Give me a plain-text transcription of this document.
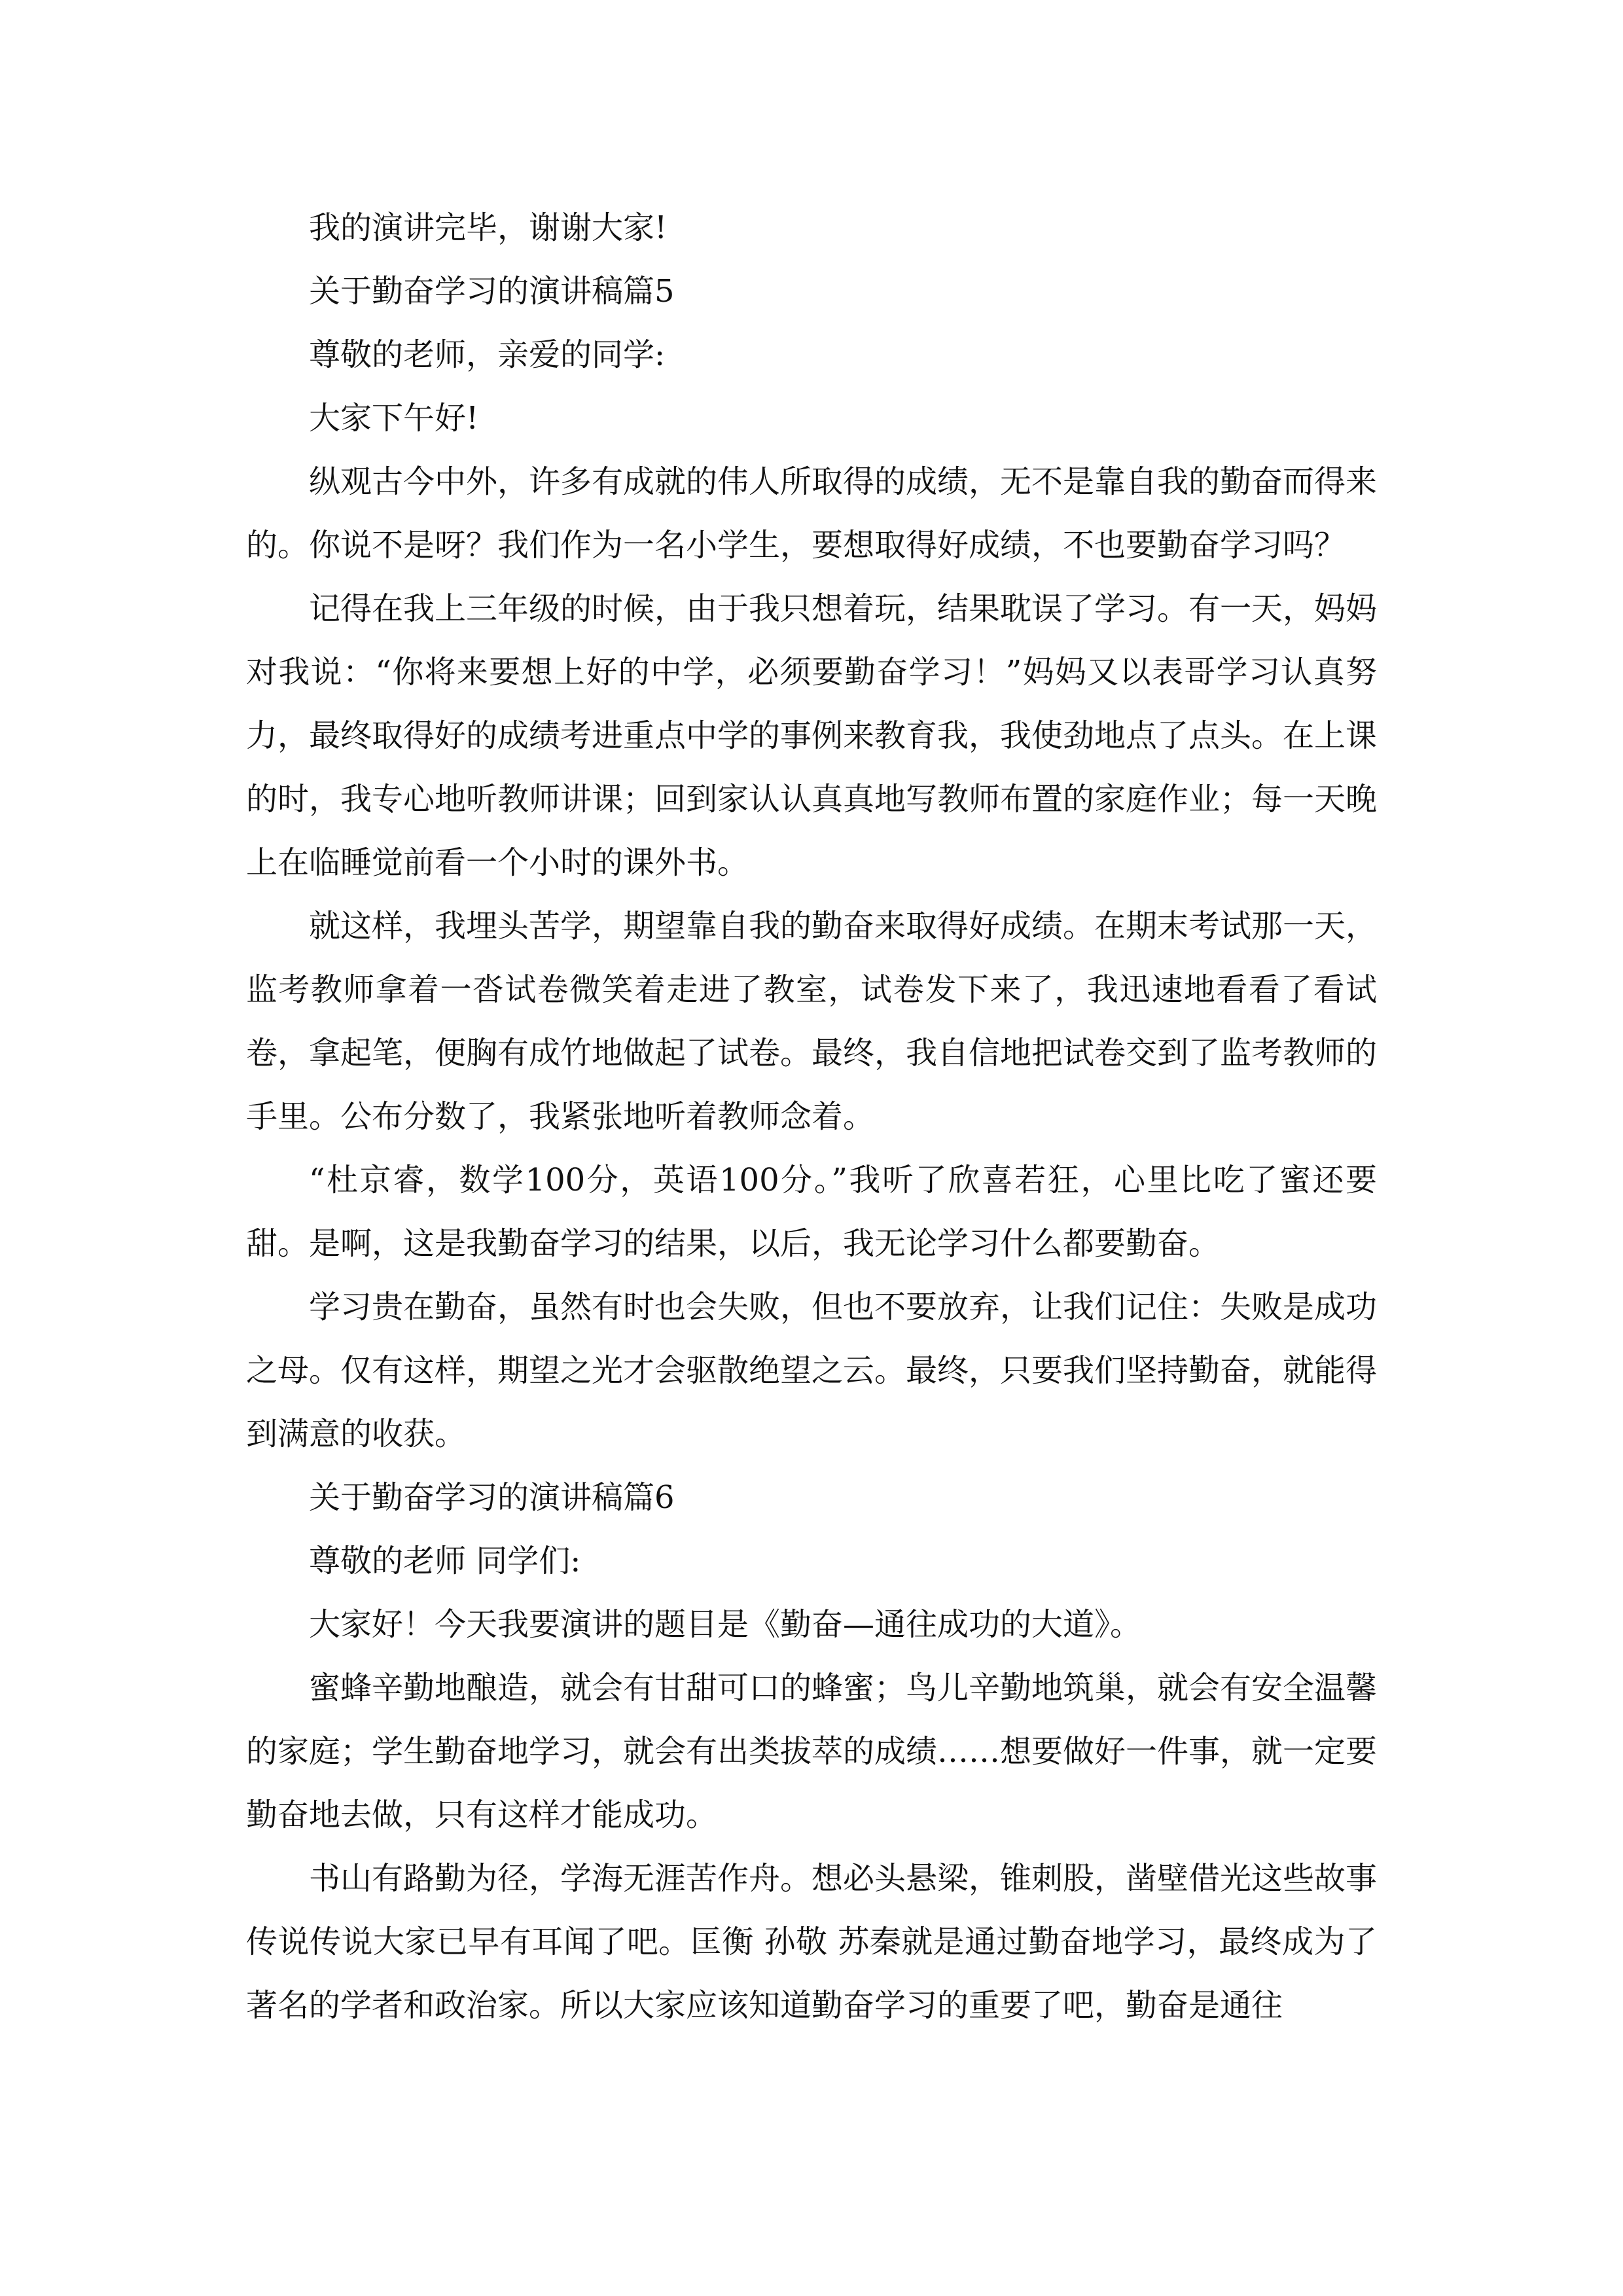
我的演讲完毕，谢谢大家!

关于勤奋学习的演讲稿篇5

尊敬的老师，亲爱的同学:

大家下午好!

纵观古今中外，许多有成就的伟人所取得的成绩，无不是靠自我的勤奋而得来的。你说不是呀？我们作为一名小学生，要想取得好成绩，不也要勤奋学习吗？

记得在我上三年级的时候，由于我只想着玩，结果耽误了学习。有一天，妈妈对我说：“你将来要想上好的中学，必须要勤奋学习！”妈妈又以表哥学习认真努力，最终取得好的成绩考进重点中学的事例来教育我，我使劲地点了点头。在上课的时，我专心地听教师讲课；回到家认认真真地写教师布置的家庭作业；每一天晚上在临睡觉前看一个小时的课外书。

就这样，我埋头苦学，期望靠自我的勤奋来取得好成绩。在期末考试那一天，监考教师拿着一沓试卷微笑着走进了教室，试卷发下来了，我迅速地看看了看试卷，拿起笔，便胸有成竹地做起了试卷。最终，我自信地把试卷交到了监考教师的手里。公布分数了，我紧张地听着教师念着。

“杜京睿，数学100分，英语100分。”我听了欣喜若狂，心里比吃了蜜还要甜。是啊，这是我勤奋学习的结果，以后，我无论学习什么都要勤奋。

学习贵在勤奋，虽然有时也会失败，但也不要放弃，让我们记住：失败是成功之母。仅有这样，期望之光才会驱散绝望之云。最终，只要我们坚持勤奋，就能得到满意的收获。

关于勤奋学习的演讲稿篇6

尊敬的老师 同学们:

大家好！今天我要演讲的题目是《勤奋—通往成功的大道》。

蜜蜂辛勤地酿造，就会有甘甜可口的蜂蜜；鸟儿辛勤地筑巢，就会有安全温馨的家庭；学生勤奋地学习，就会有出类拔萃的成绩……想要做好一件事，就一定要勤奋地去做，只有这样才能成功。

书山有路勤为径，学海无涯苦作舟。想必头悬梁，锥刺股，凿壁借光这些故事传说传说大家已早有耳闻了吧。匡衡 孙敬 苏秦就是通过勤奋地学习，最终成为了著名的学者和政治家。所以大家应该知道勤奋学习的重要了吧，勤奋是通往
